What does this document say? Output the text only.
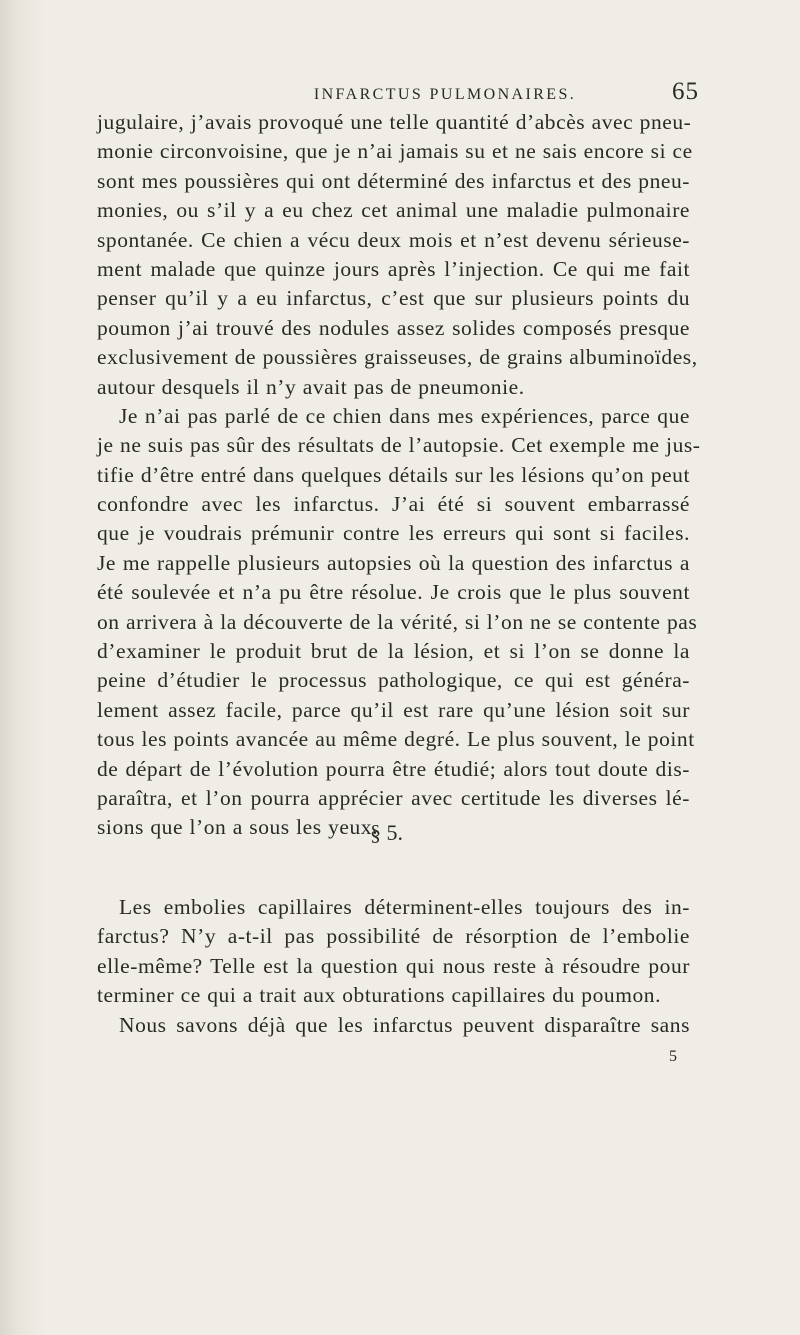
INFARCTUS PULMONAIRES.	65
jugulaire, j’avais provoqué une telle quantité d’abcès avec pneu-
monie circonvoisine, que je n’ai jamais su et ne sais encore si ce
sont mes poussières qui ont déterminé des infarctus et des pneu-
monies, ou s’il y a eu chez cet animal une maladie pulmonaire
spontanée. Ce chien a vécu deux mois et n’est devenu sérieuse-
ment malade que quinze jours après l’injection. Ce qui me fait
penser qu’il y a eu infarctus, c’est que sur plusieurs points du
poumon j’ai trouvé des nodules assez solides composés presque
exclusivement de poussières graisseuses, de grains albuminoïdes,
autour desquels il n’y avait pas de pneumonie.
Je n’ai pas parlé de ce chien dans mes expériences, parce que
je ne suis pas sûr des résultats de l’autopsie. Cet exemple me jus-
tifie d’être entré dans quelques détails sur les lésions qu’on peut
confondre avec les infarctus. J’ai été si souvent embarrassé
que je voudrais prémunir contre les erreurs qui sont si faciles.
Je me rappelle plusieurs autopsies où la question des infarctus a
été soulevée et n’a pu être résolue. Je crois que le plus souvent
on arrivera à la découverte de la vérité, si l’on ne se contente pas
d’examiner le produit brut de la lésion, et si l’on se donne la
peine d’étudier le processus pathologique, ce qui est généra-
lement assez facile, parce qu’il est rare qu’une lésion soit sur
tous les points avancée au même degré. Le plus souvent, le point
de départ de l’évolution pourra être étudié; alors tout doute dis-
paraîtra, et l’on pourra apprécier avec certitude les diverses lé-
sions que l’on a sous les yeux.
§ 5.
Les embolies capillaires déterminent-elles toujours des in-
farctus? N’y a-t-il pas possibilité de résorption de l’embolie
elle-même? Telle est la question qui nous reste à résoudre pour
terminer ce qui a trait aux obturations capillaires du poumon.
Nous savons déjà que les infarctus peuvent disparaître sans
5
